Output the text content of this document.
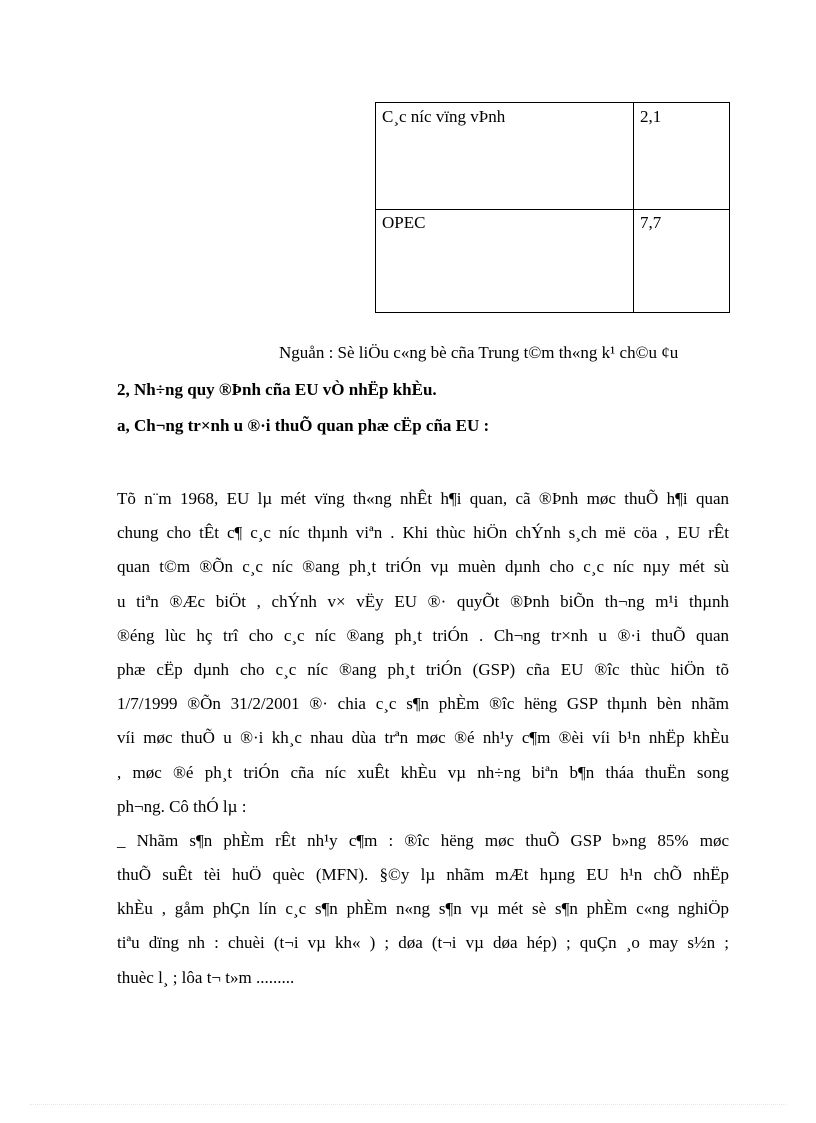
C¸c níc vïng vÞnh	2,1
OPEC	7,7
Nguån : Sè liÖu c«ng bè cña Trung t©m th«ng k¹ ch©u ¢u
2, Nh÷ng quy ®Þnh cña EU vÒ nhËp khÈu.
a, Ch¬ng tr×nh u ®·i thuÕ quan phæ cËp cña EU :
Tõ n¨m 1968, EU lµ mét vïng th«ng nhÊt h¶i quan, cã ®Þnh møc thuÕ h¶i quan
chung cho tÊt c¶ c¸c níc thµnh viªn . Khi thùc hiÖn chÝnh s¸ch më cöa , EU rÊt
quan t©m ®Õn c¸c níc ®ang ph¸t triÓn vµ muèn dµnh cho c¸c níc nµy mét sù
u tiªn ®Æc biÖt , chÝnh v× vËy EU ®· quyÕt ®Þnh biÕn th¬ng m¹i thµnh
®éng lùc hç trî cho c¸c níc ®ang ph¸t triÓn . Ch¬ng tr×nh u ®·i thuÕ quan
phæ cËp dµnh cho c¸c níc ®ang ph¸t triÓn (GSP) cña EU ®îc thùc hiÖn tõ
1/7/1999 ®Õn 31/2/2001 ®· chia c¸c s¶n phÈm ®îc hëng GSP thµnh bèn nhãm
víi møc thuÕ u ®·i kh¸c nhau dùa trªn møc ®é nh¹y c¶m ®èi víi b¹n nhËp khÈu
, møc ®é ph¸t triÓn cña níc xuÊt khÈu vµ nh÷ng biªn b¶n tháa thuËn song
ph¬ng. Cô thÓ lµ :
_ Nhãm s¶n phÈm rÊt nh¹y c¶m : ®îc hëng møc thuÕ GSP b»ng 85% møc
thuÕ suÊt tèi huÖ quèc (MFN). §©y lµ nhãm mÆt hµng EU h¹n chÕ nhËp
khÈu , gåm phÇn lín c¸c s¶n phÈm n«ng s¶n vµ mét sè s¶n phÈm c«ng nghiÖp
tiªu dïng nh : chuèi (t¬i vµ kh« ) ; døa (t¬i vµ døa hép) ; quÇn ¸o may s½n ;
thuèc l¸ ; lôa t¬ t»m .........
